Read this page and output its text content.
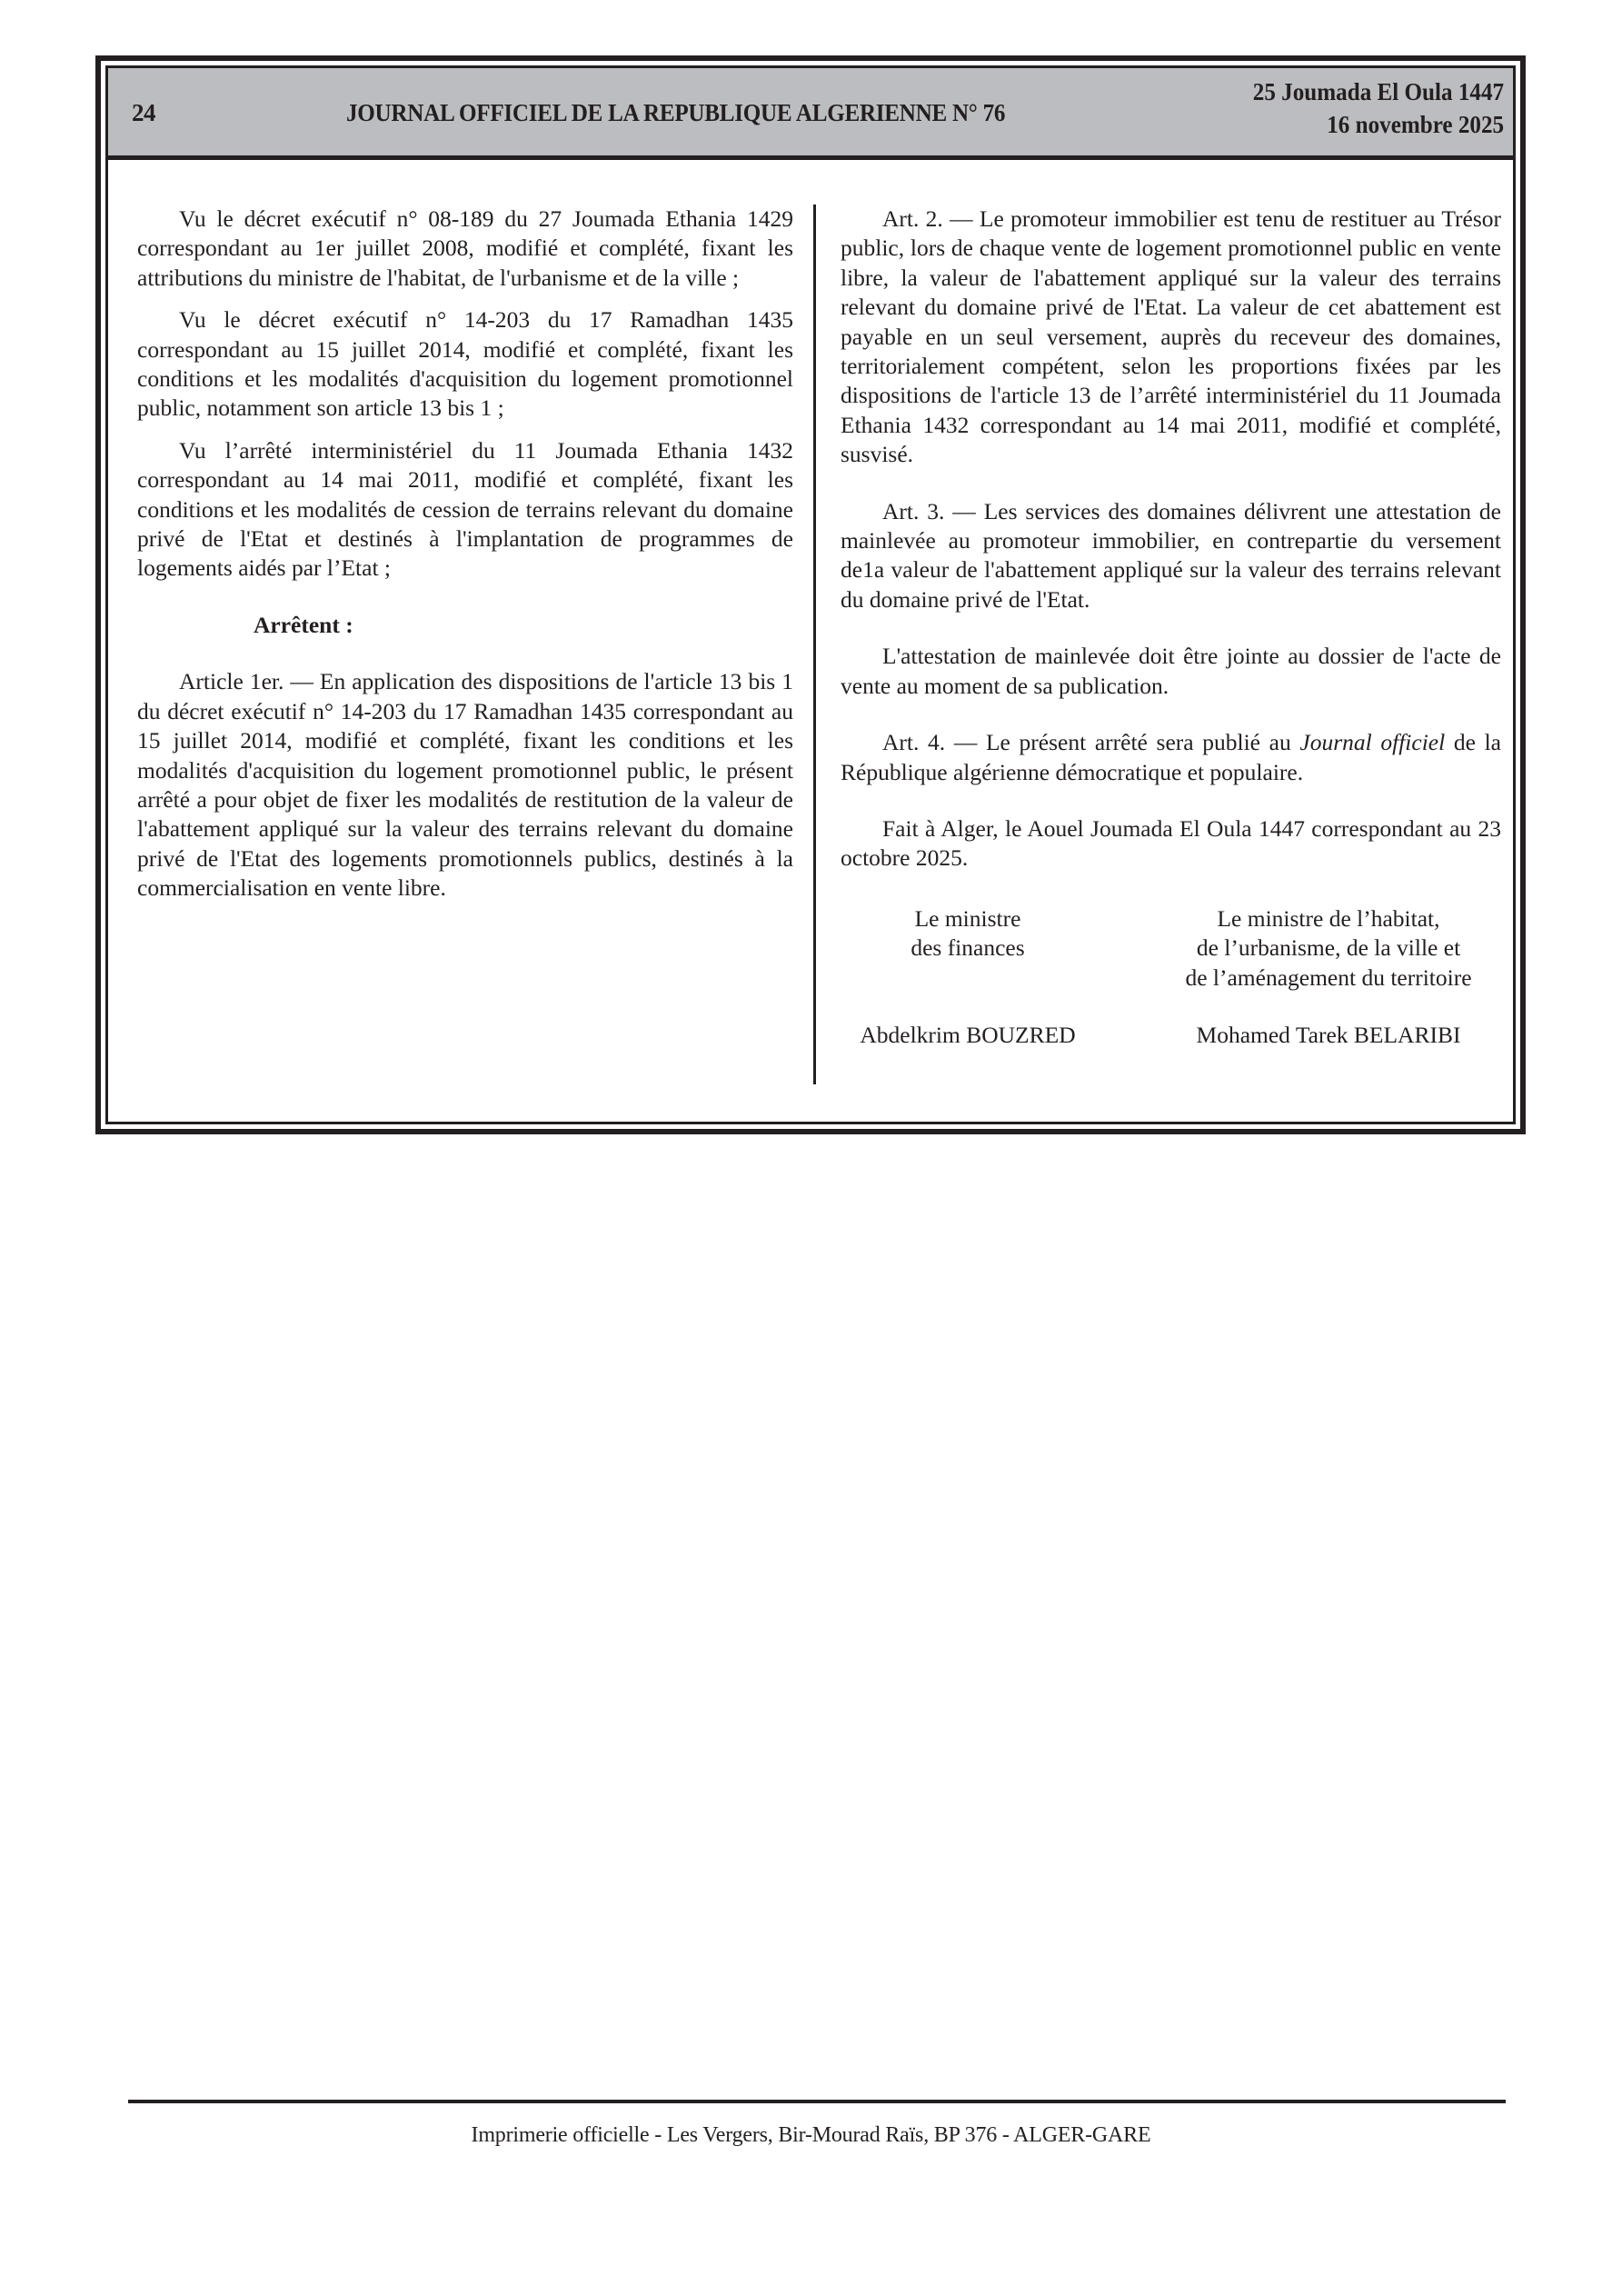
24	JOURNAL OFFICIEL DE LA REPUBLIQUE ALGERIENNE N° 76
25 Joumada El Oula 1447
16 novembre 2025

Vu le décret exécutif n° 08-189 du 27 Joumada Ethania 1429 correspondant au 1er juillet 2008, modifié et complété, fixant les attributions du ministre de l'habitat, de l'urbanisme et de la ville ;

Vu le décret exécutif n° 14-203 du 17 Ramadhan 1435 correspondant au 15 juillet 2014, modifié et complété, fixant les conditions et les modalités d'acquisition du logement promotionnel public, notamment son article 13 bis 1 ;

Vu l’arrêté interministériel du 11 Joumada Ethania 1432 correspondant au 14 mai 2011, modifié et complété, fixant les conditions et les modalités de cession de terrains relevant du domaine privé de l'Etat et destinés à l'implantation de programmes de logements aidés par l’Etat ;

Arrêtent :

Article 1er. — En application des dispositions de l'article 13 bis 1 du décret exécutif n° 14-203 du 17 Ramadhan 1435 correspondant au 15 juillet 2014, modifié et complété, fixant les conditions et les modalités d'acquisition du logement promotionnel public, le présent arrêté a pour objet de fixer les modalités de restitution de la valeur de l'abattement appliqué sur la valeur des terrains relevant du domaine privé de l'Etat des logements promotionnels publics, destinés à la commercialisation en vente libre.

Art. 2. — Le promoteur immobilier est tenu de restituer au Trésor public, lors de chaque vente de logement promotionnel public en vente libre, la valeur de l'abattement appliqué sur la valeur des terrains relevant du domaine privé de l'Etat. La valeur de cet abattement est payable en un seul versement, auprès du receveur des domaines, territorialement compétent, selon les proportions fixées par les dispositions de l'article 13 de l’arrêté interministériel du 11 Joumada Ethania 1432 correspondant au 14 mai 2011, modifié et complété, susvisé.

Art. 3. — Les services des domaines délivrent une attestation de mainlevée au promoteur immobilier, en contrepartie du versement de1a valeur de l'abattement appliqué sur la valeur des terrains relevant du domaine privé de l'Etat.

L'attestation de mainlevée doit être jointe au dossier de l'acte de vente au moment de sa publication.

Art. 4. — Le présent arrêté sera publié au Journal officiel de la République algérienne démocratique et populaire.

Fait à Alger, le Aouel Joumada El Oula 1447 correspondant au 23 octobre 2025.

Le ministre
des finances
Abdelkrim BOUZRED
Le ministre de l’habitat,
de l’urbanisme, de la ville et
de l’aménagement du territoire
Mohamed Tarek BELARIBI
Imprimerie officielle - Les Vergers, Bir-Mourad Raïs, BP 376 - ALGER-GARE
